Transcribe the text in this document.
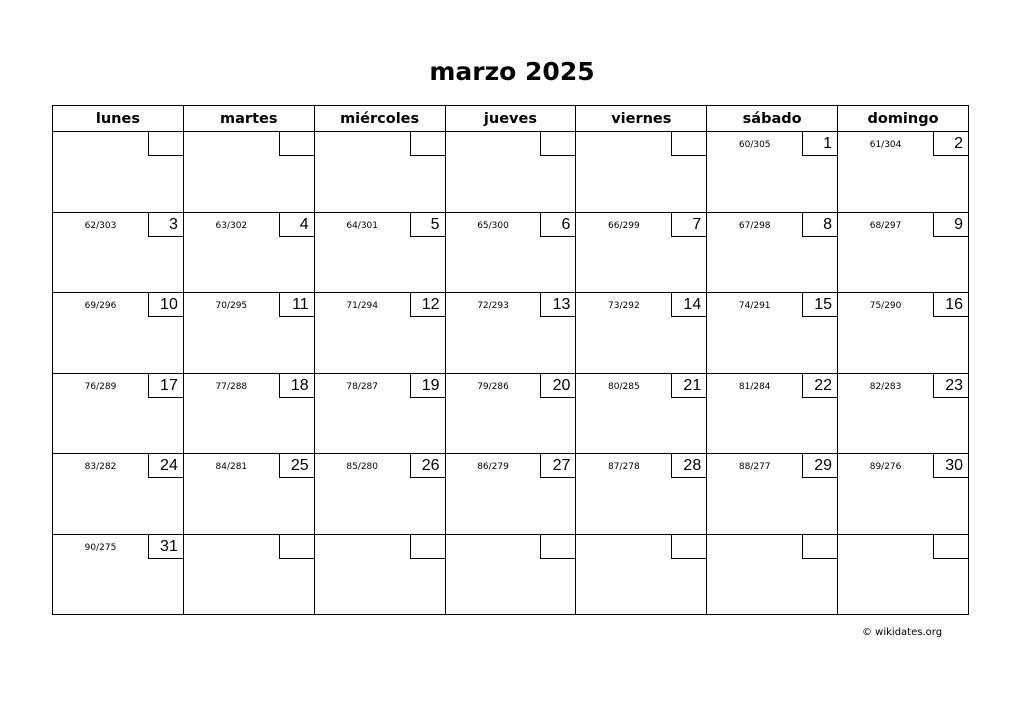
marzo 2025
lunes	martes	miércoles	jueves	viernes	sábado	domingo

					60/305 1	61/304 2

62/303 3	63/302 4	64/301 5	65/300 6	66/299 7	67/298 8	68/297 9

69/296 10	70/295 11	71/294 12	72/293 13	73/292 14	74/291 15	75/290 16

76/289 17	77/288 18	78/287 19	79/286 20	80/285 21	81/284 22	82/283 23

83/282 24	84/281 25	85/280 26	86/279 27	87/278 28	88/277 29	89/276 30

90/275 31						

© wikidates.org
